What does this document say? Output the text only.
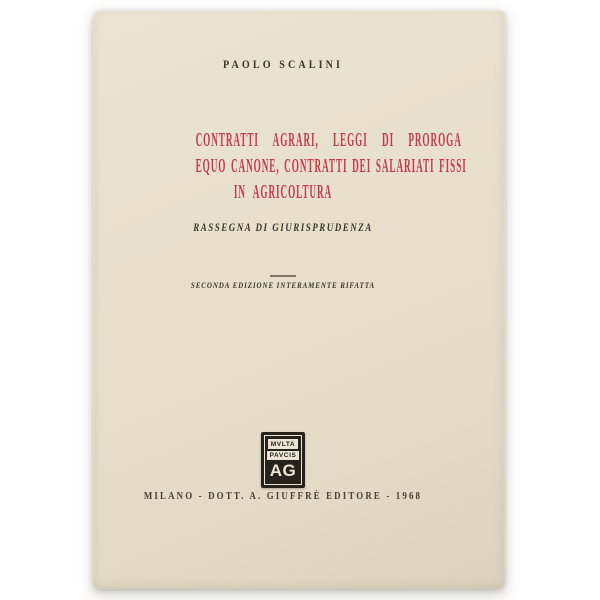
PAOLO SCALINI
CONTRATTI AGRARI, LEGGI DI PROROGA
EQUO CANONE, CONTRATTI DEI SALARIATI FISSI
IN AGRICOLTURA
RASSEGNA DI GIURISPRUDENZA
SECONDA EDIZIONE INTERAMENTE RIFATTA
MVLTA
PAVCIS
AG
MILANO - DOTT. A. GIUFFRÈ EDITORE - 1968
